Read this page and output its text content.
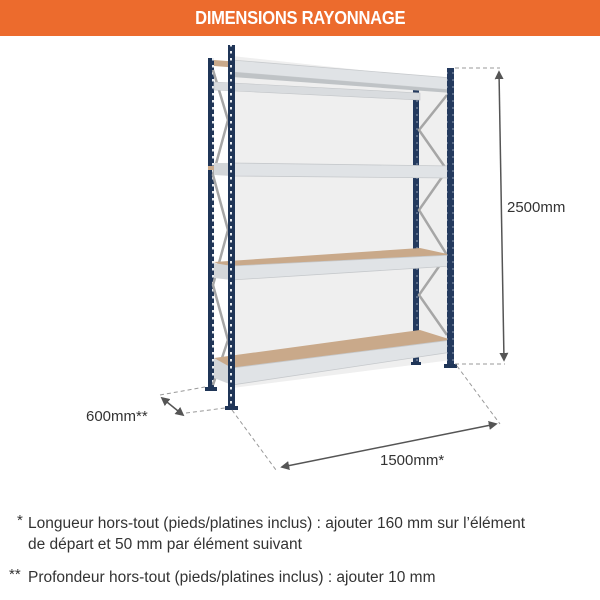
DIMENSIONS RAYONNAGE
2500mm
1500mm*
600mm**
* Longueur hors-tout (pieds/platines inclus) : ajouter 160 mm sur l’élément
de départ et 50 mm par élément suivant
** Profondeur hors-tout (pieds/platines inclus) : ajouter 10 mm
